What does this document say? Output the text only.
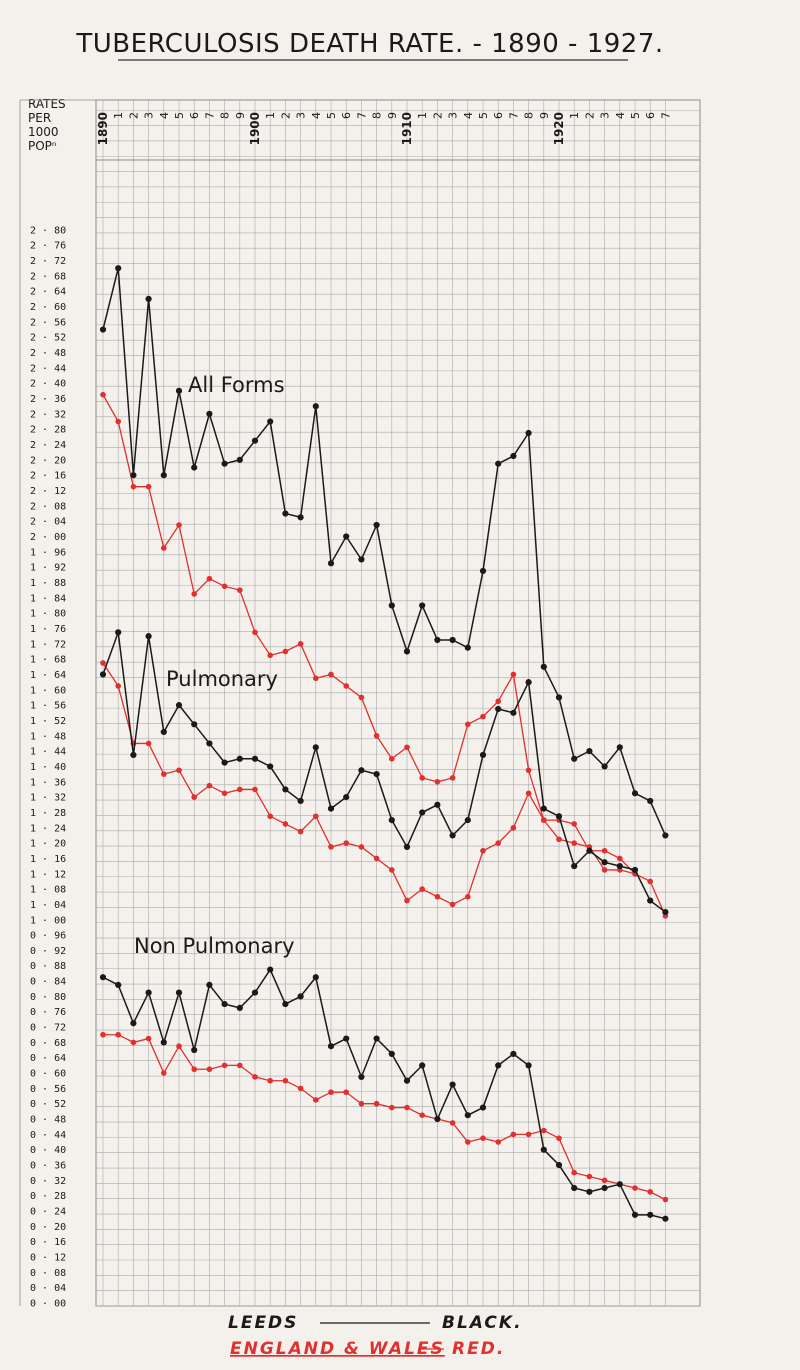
TUBERCULOSIS DEATH RATE. - 1890 - 1927.
RATES
PER
1000
POPⁿ
2 · 80
2 · 76
2 · 72
2 · 68
2 · 64
2 · 60
2 · 56
2 · 52
2 · 48
2 · 44
2 · 40
2 · 36
2 · 32
2 · 28
2 · 24
2 · 20
2 · 16
2 · 12
2 · 08
2 · 04
2 · 00
1 · 96
1 · 92
1 · 88
1 · 84
1 · 80
1 · 76
1 · 72
1 · 68
1 · 64
1 · 60
1 · 56
1 · 52
1 · 48
1 · 44
1 · 40
1 · 36
1 · 32
1 · 28
1 · 24
1 · 20
1 · 16
1 · 12
1 · 08
1 · 04
1 · 00
0 · 96
0 · 92
0 · 88
0 · 84
0 · 80
0 · 76
0 · 72
0 · 68
0 · 64
0 · 60
0 · 56
0 · 52
0 · 48
0 · 44
0 · 40
0 · 36
0 · 32
0 · 28
0 · 24
0 · 20
0 · 16
0 · 12
0 · 08
0 · 04
0 · 00
1890 1 2 3 4 5 6 7 8 9 1900 1 2 3 4 5 6 7 8 9 1910 1 2 3 4 5 6 7 8 9 1920 1 2 3 4 5 6 7
All Forms
Pulmonary
Non Pulmonary
LEEDS	BLACK.
ENGLAND & WALES RED.
